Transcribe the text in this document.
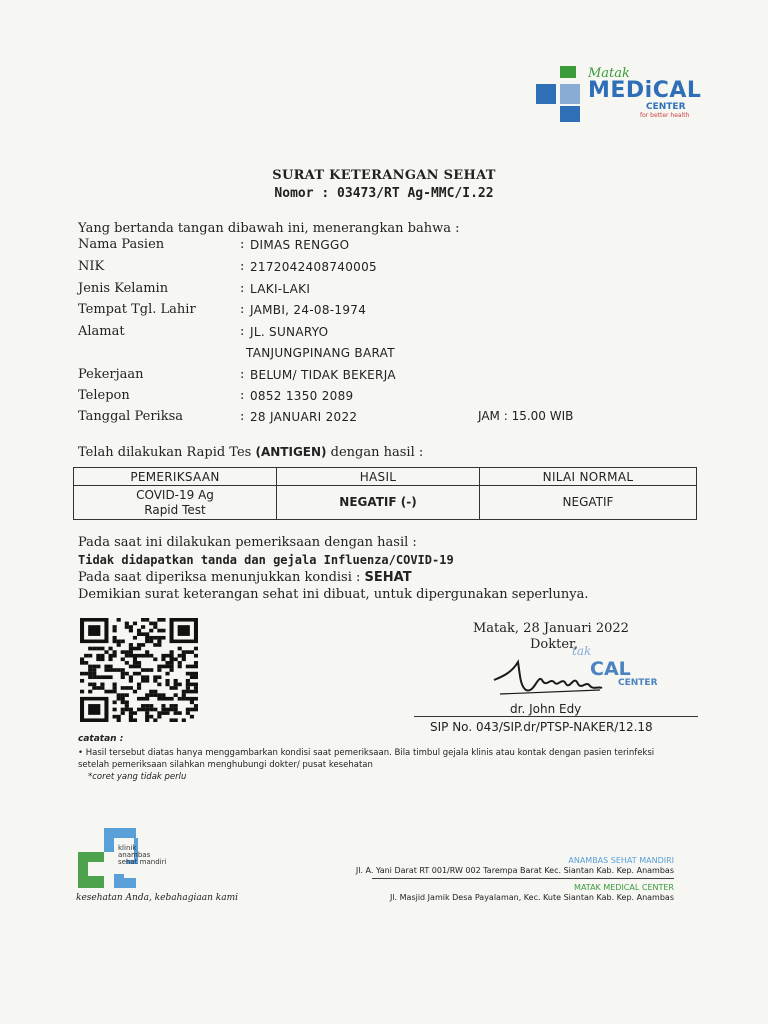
Matak
MEDiCAL
CENTER
for better health
SURAT KETERANGAN SEHAT
Nomor : 03473/RT Ag-MMC/I.22
Yang bertanda tangan dibawah ini, menerangkan bahwa :
Nama Pasien	: DIMAS RENGGO
NIK	: 2172042408740005
Jenis Kelamin	: LAKI-LAKI
Tempat Tgl. Lahir	: JAMBI, 24-08-1974
Alamat	: JL. SUNARYO
TANJUNGPINANG BARAT
Pekerjaan	: BELUM/ TIDAK BEKERJA
Telepon	: 0852 1350 2089
Tanggal Periksa	: 28 JANUARI 2022	JAM : 15.00 WIB
Telah dilakukan Rapid Tes (ANTIGEN) dengan hasil :
PEMERIKSAAN	HASIL	NILAI NORMAL

COVID-19 Ag
Rapid Test	NEGATIF (-)	NEGATIF
Pada saat ini dilakukan pemeriksaan dengan hasil :
Tidak didapatkan tanda dan gejala Influenza/COVID-19
Pada saat diperiksa menunjukkan kondisi : SEHAT
Demikian surat keterangan sehat ini dibuat, untuk dipergunakan seperlunya.
Matak, 28 Januari 2022
Dokter,
tak
CAL
CENTER
dr. John Edy
SIP No. 043/SIP.dr/PTSP-NAKER/12.18
catatan :
• Hasil tersebut diatas hanya menggambarkan kondisi saat pemeriksaan. Bila timbul gejala klinis atau kontak dengan pasien terinfeksi setelah pemeriksaan silahkan menghubungi dokter/ pusat kesehatan
*coret yang tidak perlu
klinik
anambas
sehat mandiri
kesehatan Anda, kebahagiaan kami
ANAMBAS SEHAT MANDIRI
Jl. A. Yani Darat RT 001/RW 002 Tarempa Barat Kec. Siantan Kab. Kep. Anambas
MATAK MEDICAL CENTER
Jl. Masjid Jamik Desa Payalaman, Kec. Kute Siantan Kab. Kep. Anambas
